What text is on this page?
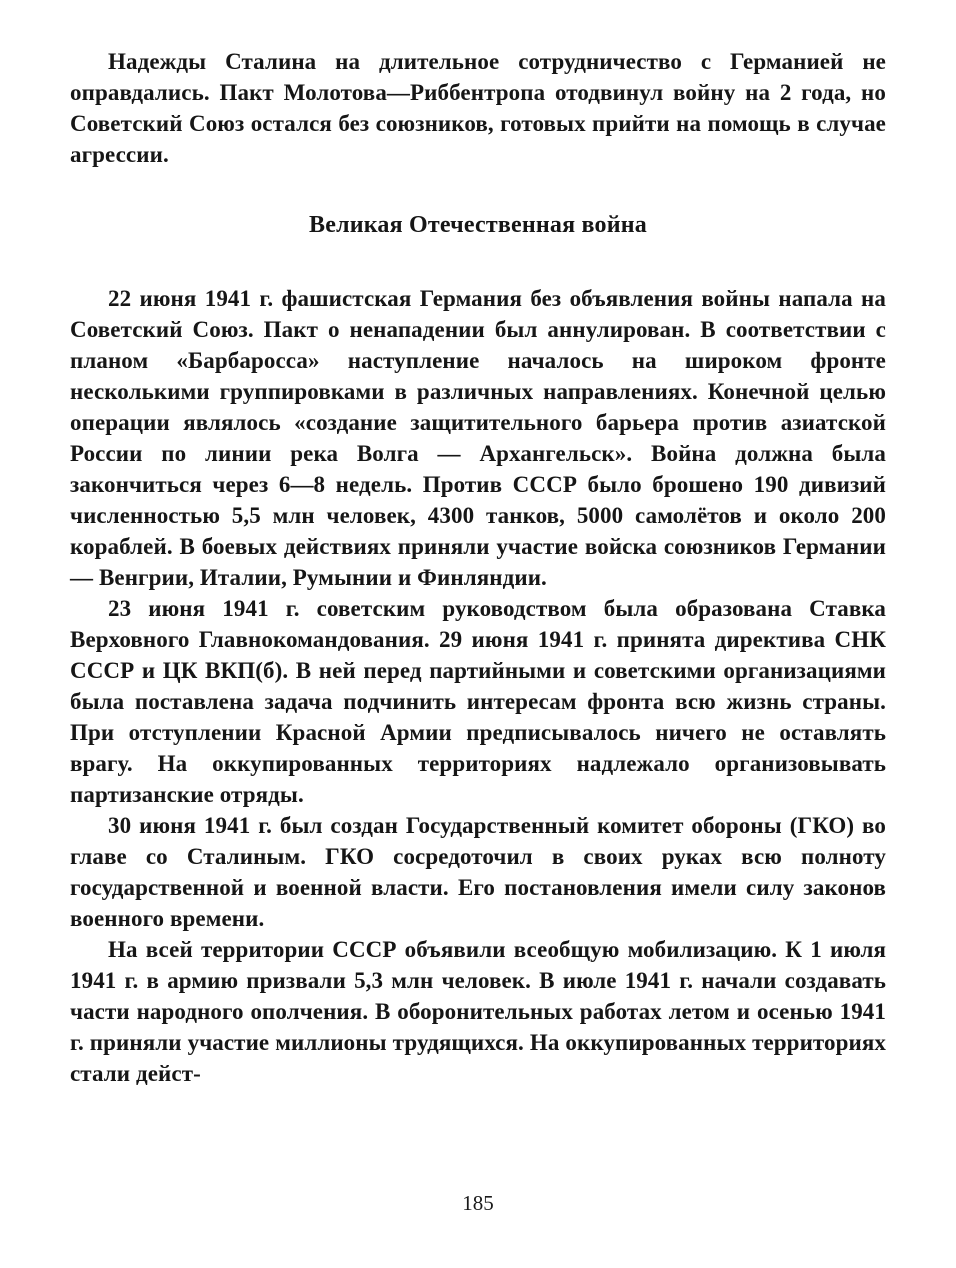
Надежды Сталина на длительное сотрудничество с Германией не оправдались. Пакт Молотова—Риббентропа отодвинул войну на 2 года, но Советский Союз остался без союзников, готовых прийти на помощь в случае агрессии.

Великая Отечественная война

22 июня 1941 г. фашистская Германия без объявления войны напала на Советский Союз. Пакт о ненападении был аннулирован. В соответствии с планом «Барбаросса» наступление началось на широком фронте несколькими группировками в различных направлениях. Конечной целью операции являлось «создание защитительного барьера против азиатской России по линии река Волга — Архангельск». Война должна была закончиться через 6—8 недель. Против СССР было брошено 190 дивизий численностью 5,5 млн человек, 4300 танков, 5000 самолётов и около 200 кораблей. В боевых действиях приняли участие войска союзников Германии — Венгрии, Италии, Румынии и Финляндии.

23 июня 1941 г. советским руководством была образована Ставка Верховного Главнокомандования. 29 июня 1941 г. принята директива СНК СССР и ЦК ВКП(б). В ней перед партийными и советскими организациями была поставлена задача подчинить интересам фронта всю жизнь страны. При отступлении Красной Армии предписывалось ничего не оставлять врагу. На оккупированных территориях надлежало организовывать партизанские отряды.

30 июня 1941 г. был создан Государственный комитет обороны (ГКО) во главе со Сталиным. ГКО сосредоточил в своих руках всю полноту государственной и военной власти. Его постановления имели силу законов военного времени.

На всей территории СССР объявили всеобщую мобилизацию. К 1 июля 1941 г. в армию призвали 5,3 млн человек. В июле 1941 г. начали создавать части народного ополчения. В оборонительных работах летом и осенью 1941 г. приняли участие миллионы трудящихся. На оккупированных территориях стали дейст-

185
